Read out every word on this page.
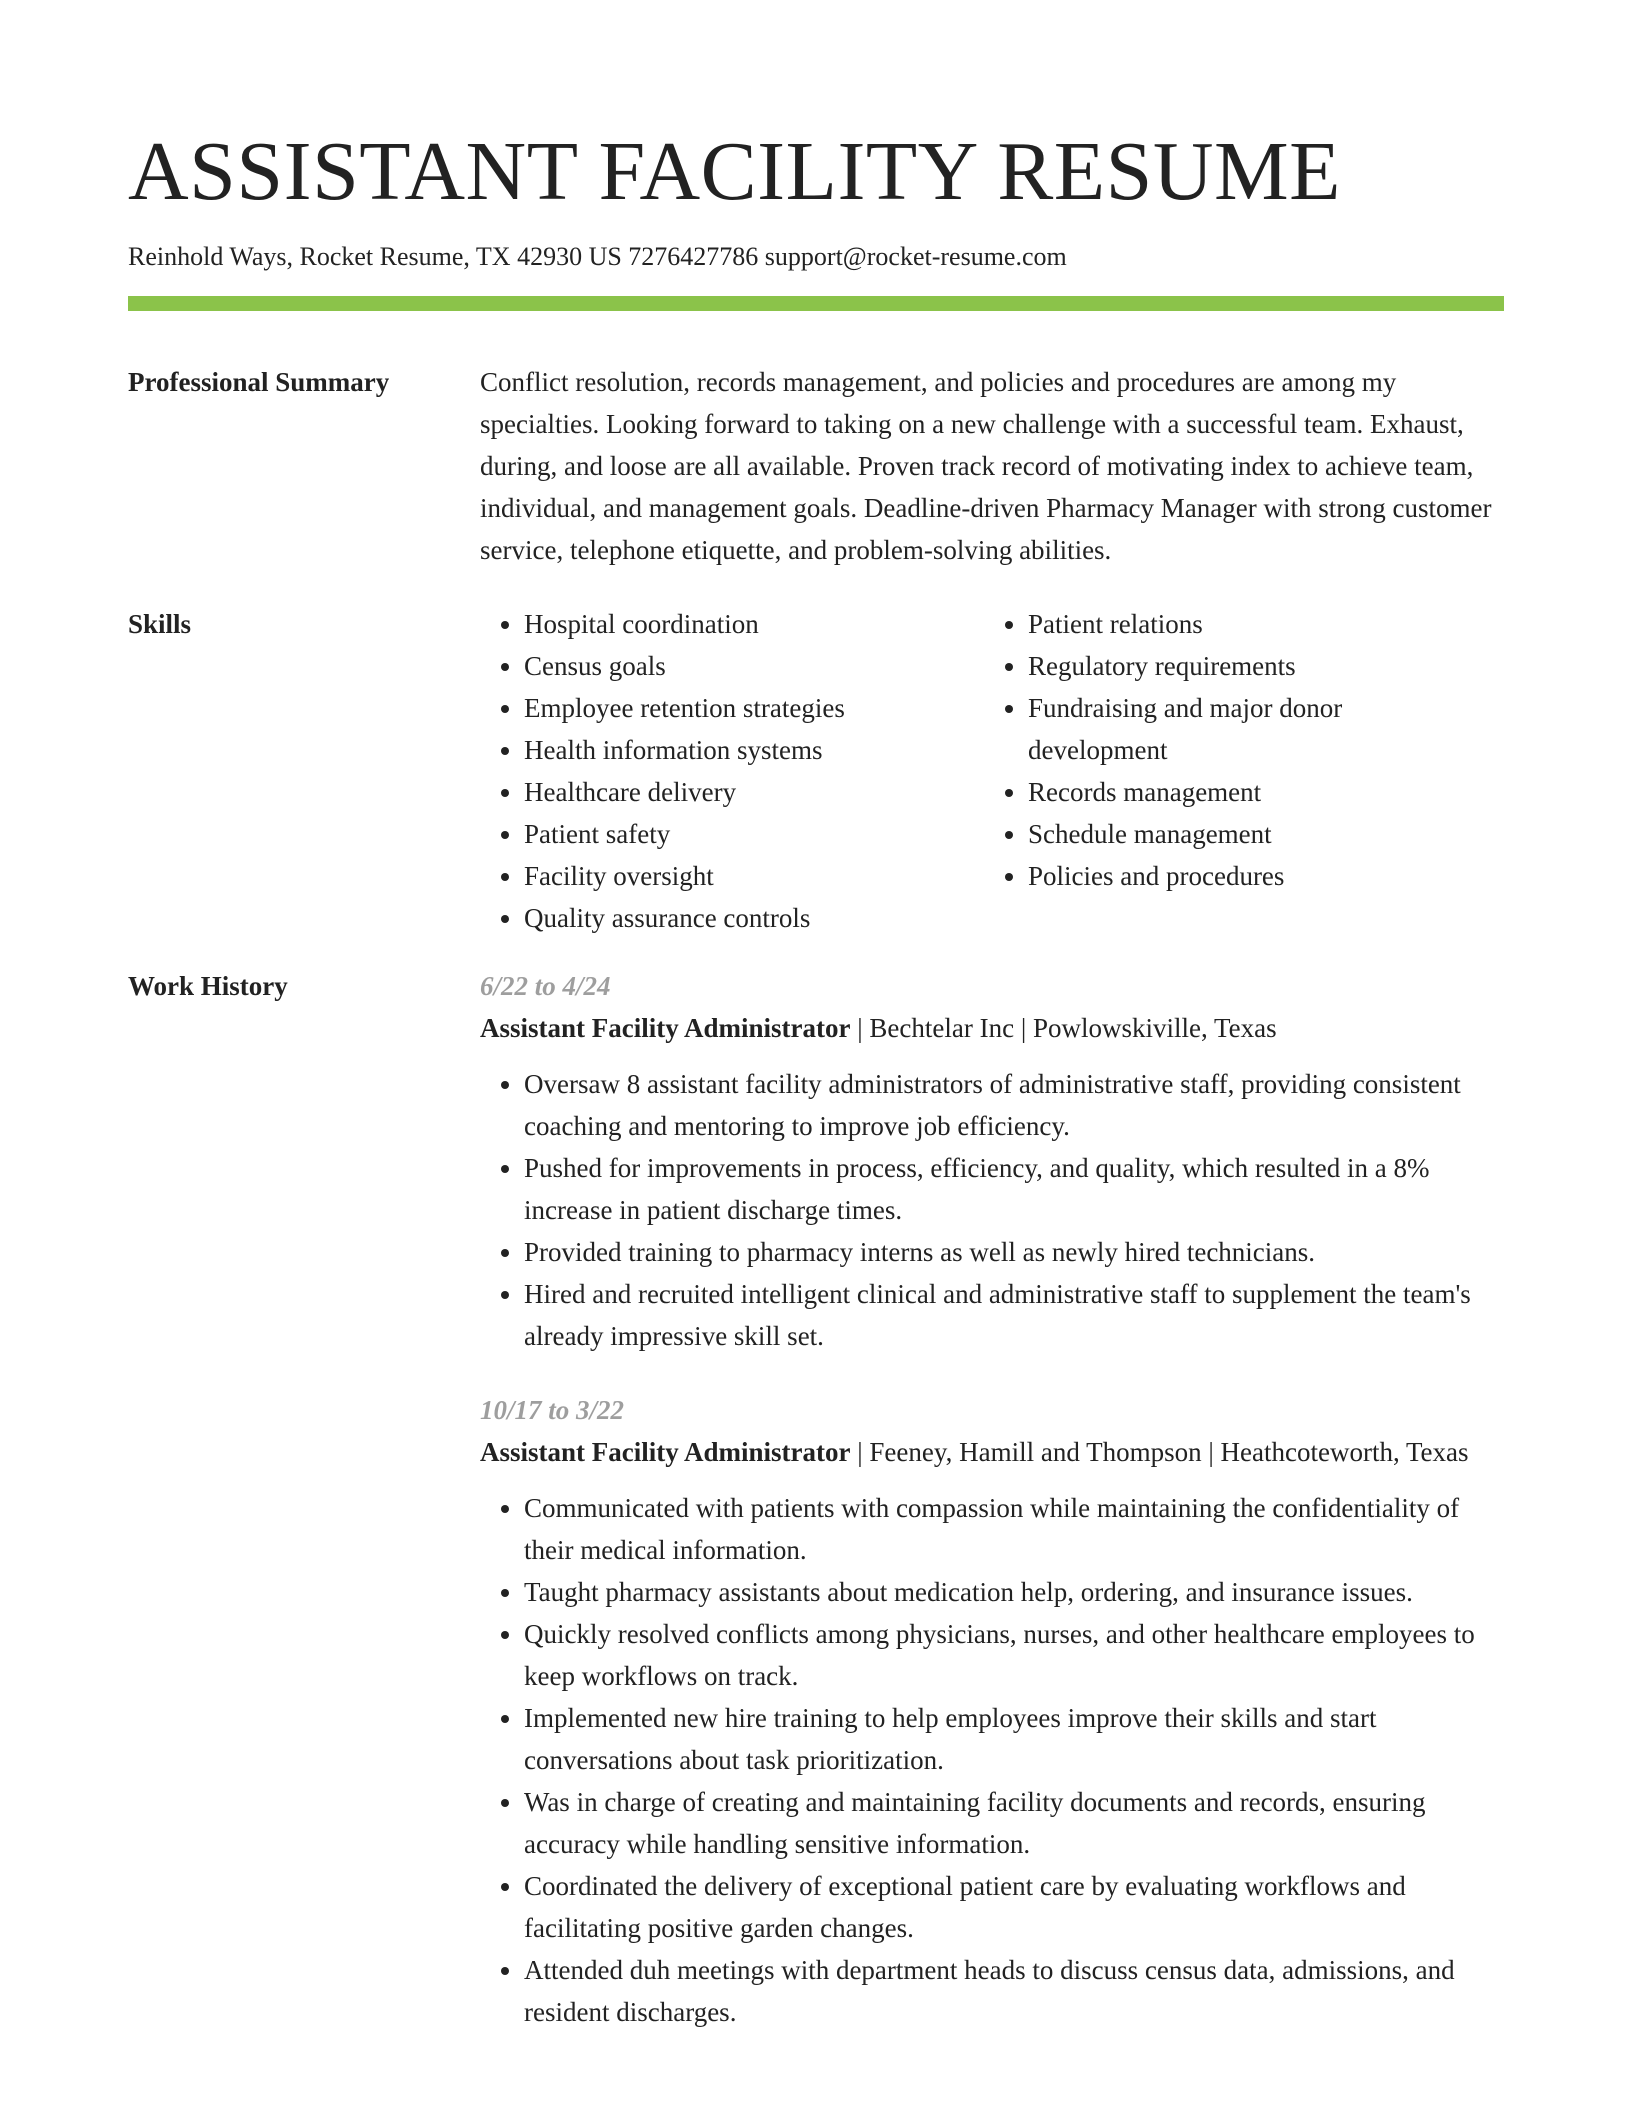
ASSISTANT FACILITY RESUME
Reinhold Ways, Rocket Resume, TX 42930 US 7276427786 support@rocket-resume.com
Professional Summary	Conflict resolution, records management, and policies and procedures are among my specialties. Looking forward to taking on a new challenge with a successful team. Exhaust, during, and loose are all available. Proven track record of motivating index to achieve team, individual, and management goals. Deadline-driven Pharmacy Manager with strong customer service, telephone etiquette, and problem-solving abilities.
Skills
•	Hospital coordination
• Census goals
• Employee retention strategies
• Health information systems
• Healthcare delivery
• Patient safety
• Facility oversight
• Quality assurance controls
• Patient relations
• Regulatory requirements
• Fundraising and major donor development
• Records management
• Schedule management
• Policies and procedures
Work History	6/22 to 4/24
Assistant Facility Administrator | Bechtelar Inc | Powlowskiville, Texas
• Oversaw 8 assistant facility administrators of administrative staff, providing consistent coaching and mentoring to improve job efficiency.
• Pushed for improvements in process, efficiency, and quality, which resulted in a 8% increase in patient discharge times.
• Provided training to pharmacy interns as well as newly hired technicians.
• Hired and recruited intelligent clinical and administrative staff to supplement the team's already impressive skill set.
10/17 to 3/22
Assistant Facility Administrator | Feeney, Hamill and Thompson | Heathcoteworth, Texas
• Communicated with patients with compassion while maintaining the confidentiality of their medical information.
• Taught pharmacy assistants about medication help, ordering, and insurance issues.
• Quickly resolved conflicts among physicians, nurses, and other healthcare employees to keep workflows on track.
• Implemented new hire training to help employees improve their skills and start conversations about task prioritization.
• Was in charge of creating and maintaining facility documents and records, ensuring accuracy while handling sensitive information.
• Coordinated the delivery of exceptional patient care by evaluating workflows and facilitating positive garden changes.
• Attended duh meetings with department heads to discuss census data, admissions, and resident discharges.
